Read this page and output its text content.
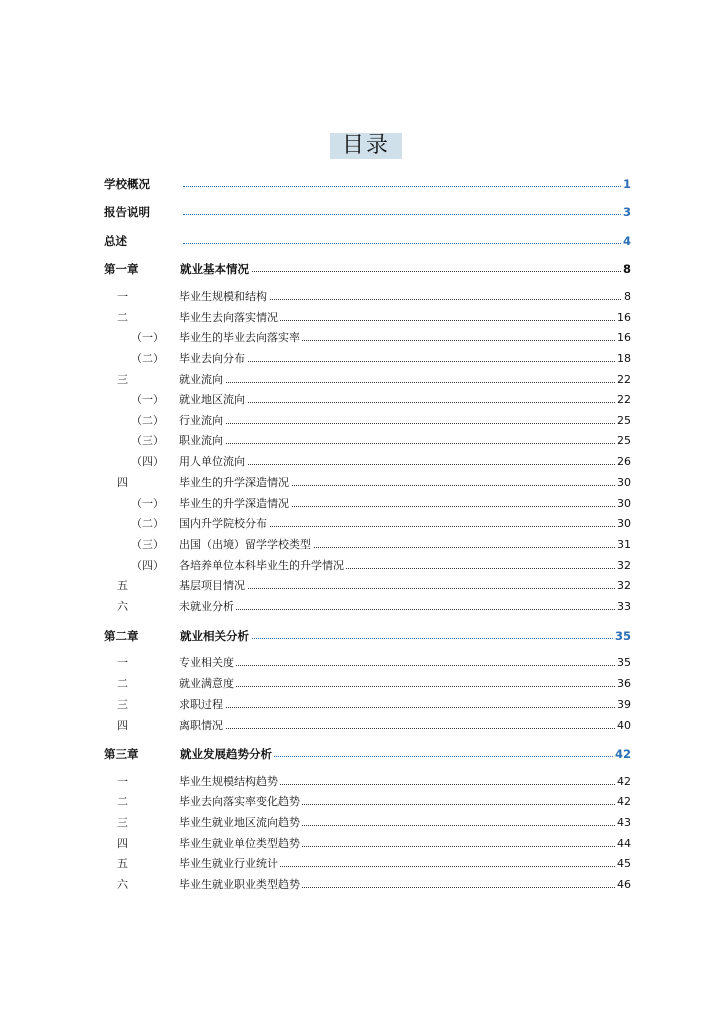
目录
学校概况	1
报告说明	3
总述	4
第一章	就业基本情况	8
一	毕业生规模和结构	8
二	毕业生去向落实情况	16
（一） 毕业生的毕业去向落实率	16
（二） 毕业去向分布	18
三	就业流向	22
（一） 就业地区流向	22
（二） 行业流向	25
（三） 职业流向	25
（四） 用人单位流向	26
四	毕业生的升学深造情况	30
（一） 毕业生的升学深造情况	30
（二） 国内升学院校分布	30
（三） 出国（出境）留学学校类型	31
（四） 各培养单位本科毕业生的升学情况	32
五	基层项目情况	32
六	未就业分析	33
第二章	就业相关分析	35
一	专业相关度	35
二	就业满意度	36
三	求职过程	39
四	离职情况	40
第三章	就业发展趋势分析	42
一	毕业生规模结构趋势	42
二	毕业去向落实率变化趋势	42
三	毕业生就业地区流向趋势	43
四	毕业生就业单位类型趋势	44
五	毕业生就业行业统计	45
六	毕业生就业职业类型趋势	46
